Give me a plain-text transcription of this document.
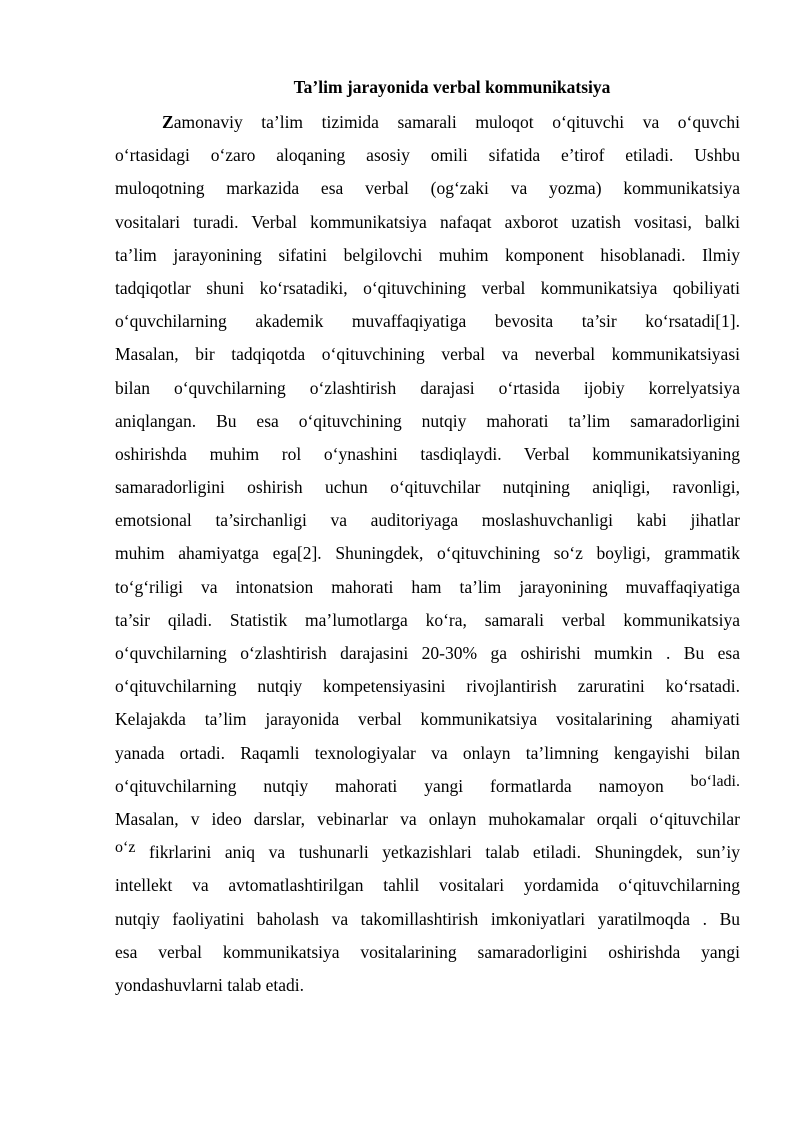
Ta’lim jarayonida verbal kommunikatsiya
Zamonaviy ta’lim tizimida samarali muloqot o‘qituvchi va o‘quvchi
o‘rtasidagi o‘zaro aloqaning asosiy omili sifatida e’tirof etiladi. Ushbu
muloqotning markazida esa verbal (og‘zaki va yozma) kommunikatsiya
vositalari turadi. Verbal kommunikatsiya nafaqat axborot uzatish vositasi, balki
ta’lim jarayonining sifatini belgilovchi muhim komponent hisoblanadi. Ilmiy
tadqiqotlar shuni ko‘rsatadiki, o‘qituvchining verbal kommunikatsiya qobiliyati
o‘quvchilarning akademik muvaffaqiyatiga bevosita ta’sir ko‘rsatadi[1].
Masalan, bir tadqiqotda o‘qituvchining verbal va neverbal kommunikatsiyasi
bilan o‘quvchilarning o‘zlashtirish darajasi o‘rtasida ijobiy korrelyatsiya
aniqlangan. Bu esa o‘qituvchining nutqiy mahorati ta’lim samaradorligini
oshirishda muhim rol o‘ynashini tasdiqlaydi. Verbal kommunikatsiyaning
samaradorligini oshirish uchun o‘qituvchilar nutqining aniqligi, ravonligi,
emotsional ta’sirchanligi va auditoriyaga moslashuvchanligi kabi jihatlar
muhim ahamiyatga ega[2]. Shuningdek, o‘qituvchining so‘z boyligi, grammatik
to‘g‘riligi va intonatsion mahorati ham ta’lim jarayonining muvaffaqiyatiga
ta’sir qiladi. Statistik ma’lumotlarga ko‘ra, samarali verbal kommunikatsiya
o‘quvchilarning o‘zlashtirish darajasini 20-30% ga oshirishi mumkin . Bu esa
o‘qituvchilarning nutqiy kompetensiyasini rivojlantirish zaruratini ko‘rsatadi.
Kelajakda ta’lim jarayonida verbal kommunikatsiya vositalarining ahamiyati
yanada ortadi. Raqamli texnologiyalar va onlayn ta’limning kengayishi bilan
o‘qituvchilarning nutqiy mahorati yangi formatlarda namoyon bo‘ladi.
Masalan, v ideo darslar, vebinarlar va onlayn muhokamalar orqali o‘qituvchilar
o‘z fikrlarini aniq va tushunarli yetkazishlari talab etiladi. Shuningdek, sun’iy
intellekt va avtomatlashtirilgan tahlil vositalari yordamida o‘qituvchilarning
nutqiy faoliyatini baholash va takomillashtirish imkoniyatlari yaratilmoqda . Bu
esa verbal kommunikatsiya vositalarining samaradorligini oshirishda yangi
yondashuvlarni talab etadi.
